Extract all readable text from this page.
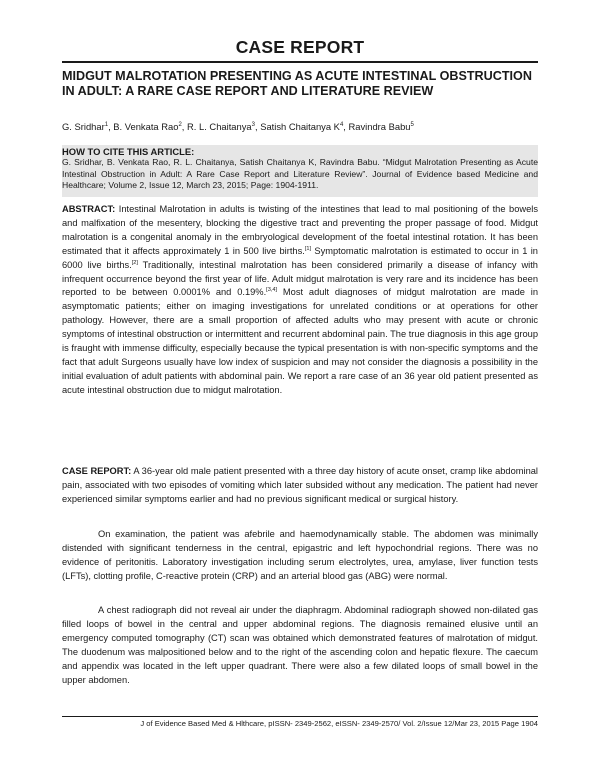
CASE REPORT
MIDGUT MALROTATION PRESENTING AS ACUTE INTESTINAL OBSTRUCTION IN ADULT: A RARE CASE REPORT AND LITERATURE REVIEW
G. Sridhar$^1$, B. Venkata Rao$^2$, R. L. Chaitanya$^3$, Satish Chaitanya $K^4$, Ravindra Babu$^5$
HOW TO CITE THIS ARTICLE:
G. Sridhar, B. Venkata Rao, R. L. Chaitanya, Satish Chaitanya K, Ravindra Babu. “Midgut Malrotation Presenting as Acute Intestinal Obstruction in Adult: A Rare Case Report and Literature Review”. Journal of Evidence based Medicine and Healthcare; Volume 2, Issue 12, March 23, 2015; Page: 1904-1911.
ABSTRACT: Intestinal Malrotation in adults is twisting of the intestines that lead to mal positioning of the bowels and malfixation of the mesentery, blocking the digestive tract and preventing the proper passage of food. Midgut malrotation is a congenital anomaly in the embryological development of the foetal intestinal rotation. It has been estimated that it affects approximately 1 in 500 live births.[1] Symptomatic malrotation is estimated to occur in 1 in 6000 live births.[2] Traditionally, intestinal malrotation has been considered primarily a disease of infancy with infrequent occurrence beyond the first year of life. Adult midgut malrotation is very rare and its incidence has been reported to be between 0.0001% and 0.19%.[3,4] Most adult diagnoses of midgut malrotation are made in asymptomatic patients; either on imaging investigations for unrelated conditions or at operations for other pathology. However, there are a small proportion of affected adults who may present with acute or chronic symptoms of intestinal obstruction or intermittent and recurrent abdominal pain. The true diagnosis in this age group is fraught with immense difficulty, especially because the typical presentation is with non-specific symptoms and the fact that adult Surgeons usually have low index of suspicion and may not consider the diagnosis a possibility in the initial evaluation of adult patients with abdominal pain. We report a rare case of an 36 year old patient presented as acute intestinal obstruction due to midgut malrotation.
CASE REPORT: A 36-year old male patient presented with a three day history of acute onset, cramp like abdominal pain, associated with two episodes of vomiting which later subsided without any medication. The patient had never experienced similar symptoms earlier and had no previous significant medical or surgical history.
On examination, the patient was afebrile and haemodynamically stable. The abdomen was minimally distended with significant tenderness in the central, epigastric and left hypochondrial regions. There was no evidence of peritonitis. Laboratory investigation including serum electrolytes, urea, amylase, liver function tests (LFTs), clotting profile, C-reactive protein (CRP) and an arterial blood gas (ABG) were normal.
A chest radiograph did not reveal air under the diaphragm. Abdominal radiograph showed non-dilated gas filled loops of bowel in the central and upper abdominal regions. The diagnosis remained elusive until an emergency computed tomography (CT) scan was obtained which demonstrated features of malrotation of midgut. The duodenum was malpositioned below and to the right of the ascending colon and hepatic flexure. The caecum and appendix was located in the left upper quadrant. There were also a few dilated loops of small bowel in the upper abdomen.
J of Evidence Based Med & Hlthcare, pISSN- 2349-2562, eISSN- 2349-2570/ Vol. 2/Issue 12/Mar 23, 2015 Page 1904
